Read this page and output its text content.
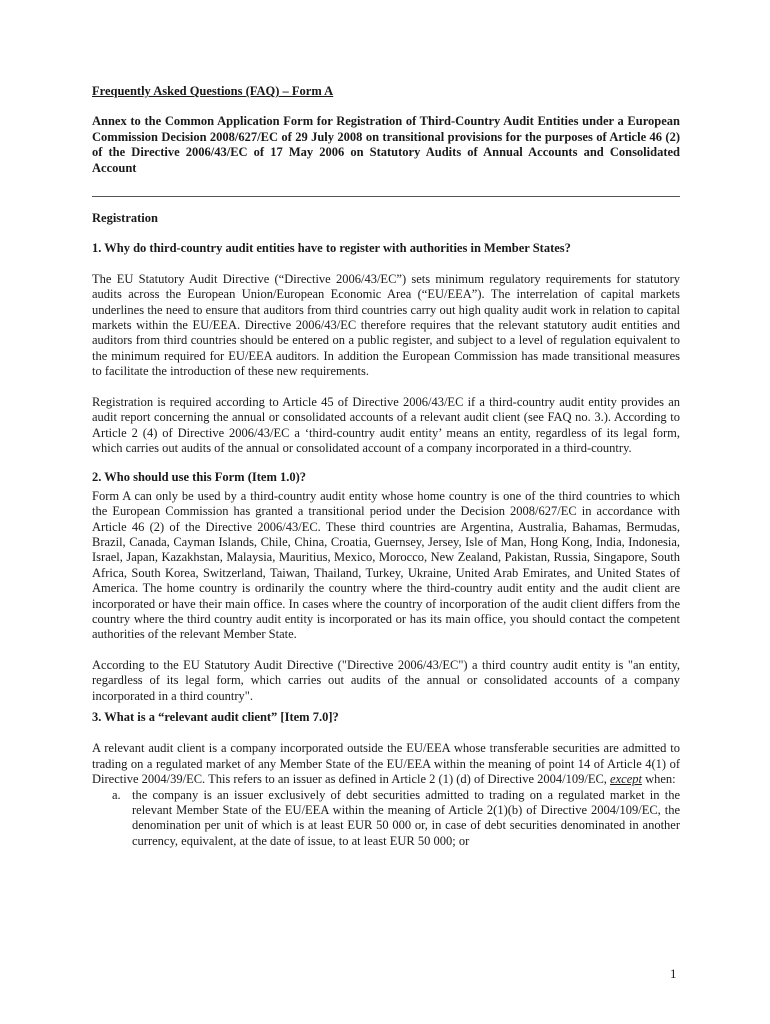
Frequently Asked Questions (FAQ) – Form A

Annex to the Common Application Form for Registration of Third-Country Audit Entities under a European Commission Decision 2008/627/EC of 29 July 2008 on transitional provisions for the purposes of Article 46 (2) of the Directive 2006/43/EC of 17 May 2006 on Statutory Audits of Annual Accounts and Consolidated Account

Registration

1. Why do third-country audit entities have to register with authorities in Member States?

The EU Statutory Audit Directive (“Directive 2006/43/EC”) sets minimum regulatory requirements for statutory audits across the European Union/European Economic Area (“EU/EEA”). The interrelation of capital markets underlines the need to ensure that auditors from third countries carry out high quality audit work in relation to capital markets within the EU/EEA. Directive 2006/43/EC therefore requires that the relevant statutory audit entities and auditors from third countries should be entered on a public register, and subject to a level of regulation equivalent to the minimum required for EU/EEA auditors. In addition the European Commission has made transitional measures to facilitate the introduction of these new requirements.

Registration is required according to Article 45 of Directive 2006/43/EC if a third-country audit entity provides an audit report concerning the annual or consolidated accounts of a relevant audit client (see FAQ no. 3.). According to Article 2 (4) of Directive 2006/43/EC a ‘third-country audit entity’ means an entity, regardless of its legal form, which carries out audits of the annual or consolidated account of a company incorporated in a third-country.

2. Who should use this Form (Item 1.0)?

Form A can only be used by a third-country audit entity whose home country is one of the third countries to which the European Commission has granted a transitional period under the Decision 2008/627/EC in accordance with Article 46 (2) of the Directive 2006/43/EC. These third countries are Argentina, Australia, Bahamas, Bermudas, Brazil, Canada, Cayman Islands, Chile, China, Croatia, Guernsey, Jersey, Isle of Man, Hong Kong, India, Indonesia, Israel, Japan, Kazakhstan, Malaysia, Mauritius, Mexico, Morocco, New Zealand, Pakistan, Russia, Singapore, South Africa, South Korea, Switzerland, Taiwan, Thailand, Turkey, Ukraine, United Arab Emirates, and United States of America. The home country is ordinarily the country where the third-country audit entity and the audit client are incorporated or have their main office. In cases where the country of incorporation of the audit client differs from the country where the third country audit entity is incorporated or has its main office, you should contact the competent authorities of the relevant Member State.

According to the EU Statutory Audit Directive ("Directive 2006/43/EC") a third country audit entity is "an entity, regardless of its legal form, which carries out audits of the annual or consolidated accounts of a company incorporated in a third country".

3. What is a “relevant audit client” [Item 7.0]?

A relevant audit client is a company incorporated outside the EU/EEA whose transferable securities are admitted to trading on a regulated market of any Member State of the EU/EEA within the meaning of point 14 of Article 4(1) of Directive 2004/39/EC. This refers to an issuer as defined in Article 2 (1) (d) of Directive 2004/109/EC, except when:

a. the company is an issuer exclusively of debt securities admitted to trading on a regulated market in the relevant Member State of the EU/EEA within the meaning of Article 2(1)(b) of Directive 2004/109/EC, the denomination per unit of which is at least EUR 50 000 or, in case of debt securities denominated in another currency, equivalent, at the date of issue, to at least EUR 50 000; or
1
